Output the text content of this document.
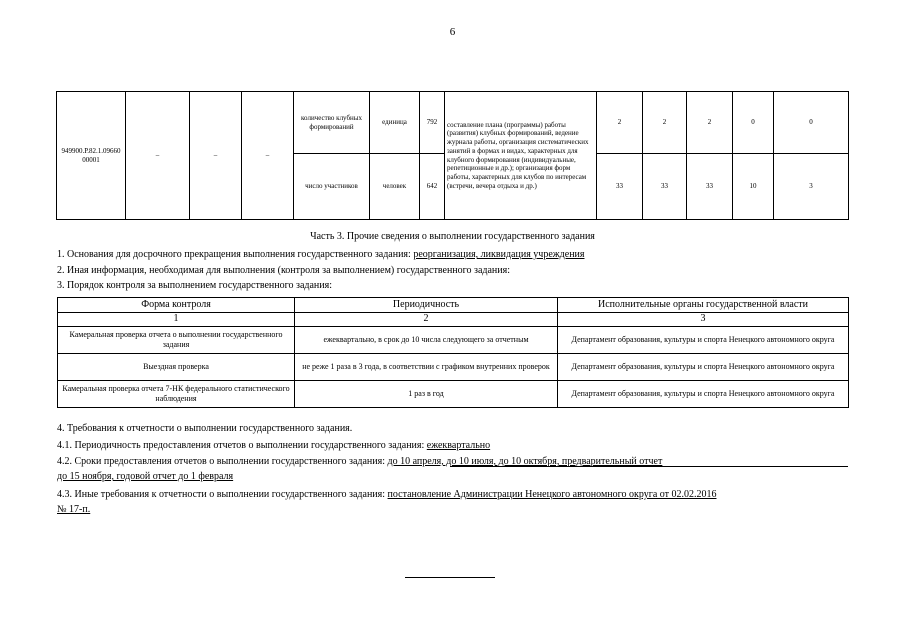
6
949900.Р.82.1.09660 00001	–	–	–	количество клубных формирований	единица	792	составление плана (программы) работы (развития) клубных формирований, ведение журнала работы, организация систематических занятий в формах и видах, характерных для клубного формирования (индивидуальные, репетиционные и др.); организация форм работы, характерных для клубов по интересам (встречи, вечера отдыха и др.)	2	2	2	0	0
				число участников	человек	642		33	33	33	10	3
Часть 3. Прочие сведения о выполнении государственного задания
1. Основания для досрочного прекращения выполнения государственного задания: реорганизация, ликвидация учреждения
2. Иная информация, необходимая для выполнения (контроля за выполнением) государственного задания:
3. Порядок контроля за выполнением государственного задания:
Форма контроля	Периодичность	Исполнительные органы государственной власти
1	2	3
Камеральная проверка отчета о выполнении государственного задания	ежеквартально, в срок до 10 числа следующего за отчетным	Департамент образования, культуры и спорта Ненецкого автономного округа
Выездная проверка	не реже 1 раза в 3 года, в соответствии с графиком внутренних проверок	Департамент образования, культуры и спорта Ненецкого автономного округа
Камеральная проверка отчета 7-НК федерального статистического наблюдения	1 раз в год	Департамент образования, культуры и спорта Ненецкого автономного округа
4. Требования к отчетности о выполнении государственного задания.
4.1. Периодичность предоставления отчетов о выполнении государственного задания: ежеквартально
4.2. Сроки предоставления отчетов о выполнении государственного задания: до 10 апреля, до 10 июля, до 10 октября, предварительный отчет
до 15 ноября, годовой отчет до 1 февраля
4.3. Иные требования к отчетности о выполнении государственного задания: постановление Администрации Ненецкого автономного округа от 02.02.2016
№ 17-п.
